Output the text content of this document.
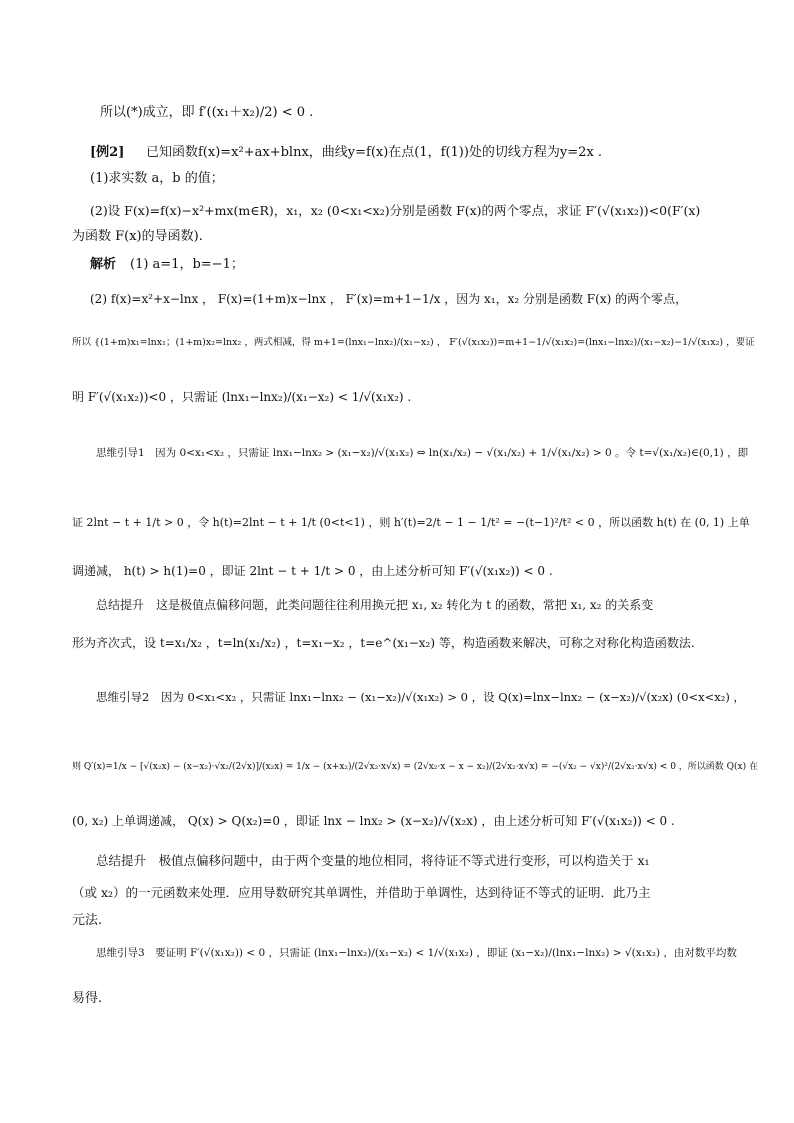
所以(*)成立，即 f′((x₁＋x₂)/2) < 0 .
[例2] 已知函数f(x)=x²+ax+blnx，曲线y=f(x)在点(1，f(1))处的切线方程为y=2x .
(1)求实数 a，b 的值；
(2)设 F(x)=f(x)−x²+mx(m∈R)，x₁，x₂ (0<x₁<x₂)分别是函数 F(x)的两个零点，求证 F′(√(x₁x₂))<0(F′(x)
为函数 F(x)的导函数).
解析 (1) a=1，b=−1；
(2) f(x)=x²+x−lnx ， F(x)=(1+m)x−lnx ， F′(x)=m+1−1/x ，因为 x₁，x₂ 分别是函数 F(x) 的两个零点，
所以 {(1+m)x₁=lnx₁；(1+m)x₂=lnx₂ ，两式相减，得 m+1=(lnx₁−lnx₂)/(x₁−x₂) ， F′(√(x₁x₂))=m+1−1/√(x₁x₂)=(lnx₁−lnx₂)/(x₁−x₂)−1/√(x₁x₂) ，要证
明 F′(√(x₁x₂))<0 ，只需证 (lnx₁−lnx₂)/(x₁−x₂) < 1/√(x₁x₂) .
思维引导1　因为 0<x₁<x₂ ，只需证 lnx₁−lnx₂ > (x₁−x₂)/√(x₁x₂) ⇔ ln(x₁/x₂) − √(x₁/x₂) + 1/√(x₁/x₂) > 0 。令 t=√(x₁/x₂)∈(0,1) ，即
证 2lnt − t + 1/t > 0 ，令 h(t)=2lnt − t + 1/t (0<t<1) ，则 h′(t)=2/t − 1 − 1/t² = −(t−1)²/t² < 0 ，所以函数 h(t) 在 (0, 1) 上单
调递减， h(t) > h(1)=0 ，即证 2lnt − t + 1/t > 0 ，由上述分析可知 F′(√(x₁x₂)) < 0 .
总结提升　这是极值点偏移问题，此类问题往往利用换元把 x₁, x₂ 转化为 t 的函数，常把 x₁, x₂ 的关系变
形为齐次式，设 t=x₁/x₂ ，t=ln(x₁/x₂) ，t=x₁−x₂ ，t=e^(x₁−x₂) 等，构造函数来解决，可称之对称化构造函数法.
思维引导2　因为 0<x₁<x₂ ，只需证 lnx₁−lnx₂ − (x₁−x₂)/√(x₁x₂) > 0 ，设 Q(x)=lnx−lnx₂ − (x−x₂)/√(x₂x) (0<x<x₂) ，
则 Q′(x)=1/x − [√(x₂x) − (x−x₂)·√x₂/(2√x)]/(x₂x) = 1/x − (x+x₂)/(2√x₂·x√x) = (2√x₂·x − x − x₂)/(2√x₂·x√x) = −(√x₂ − √x)²/(2√x₂·x√x) < 0 ，所以函数 Q(x) 在
(0, x₂) 上单调递减， Q(x) > Q(x₂)=0 ，即证 lnx − lnx₂ > (x−x₂)/√(x₂x) ，由上述分析可知 F′(√(x₁x₂)) < 0 .
总结提升　极值点偏移问题中，由于两个变量的地位相同，将待证不等式进行变形，可以构造关于 x₁
（或 x₂）的一元函数来处理．应用导数研究其单调性，并借助于单调性，达到待证不等式的证明．此乃主
元法.
思维引导3　要证明 F′(√(x₁x₂)) < 0 ，只需证 (lnx₁−lnx₂)/(x₁−x₂) < 1/√(x₁x₂) ，即证 (x₁−x₂)/(lnx₁−lnx₂) > √(x₁x₂) ，由对数平均数
易得.
